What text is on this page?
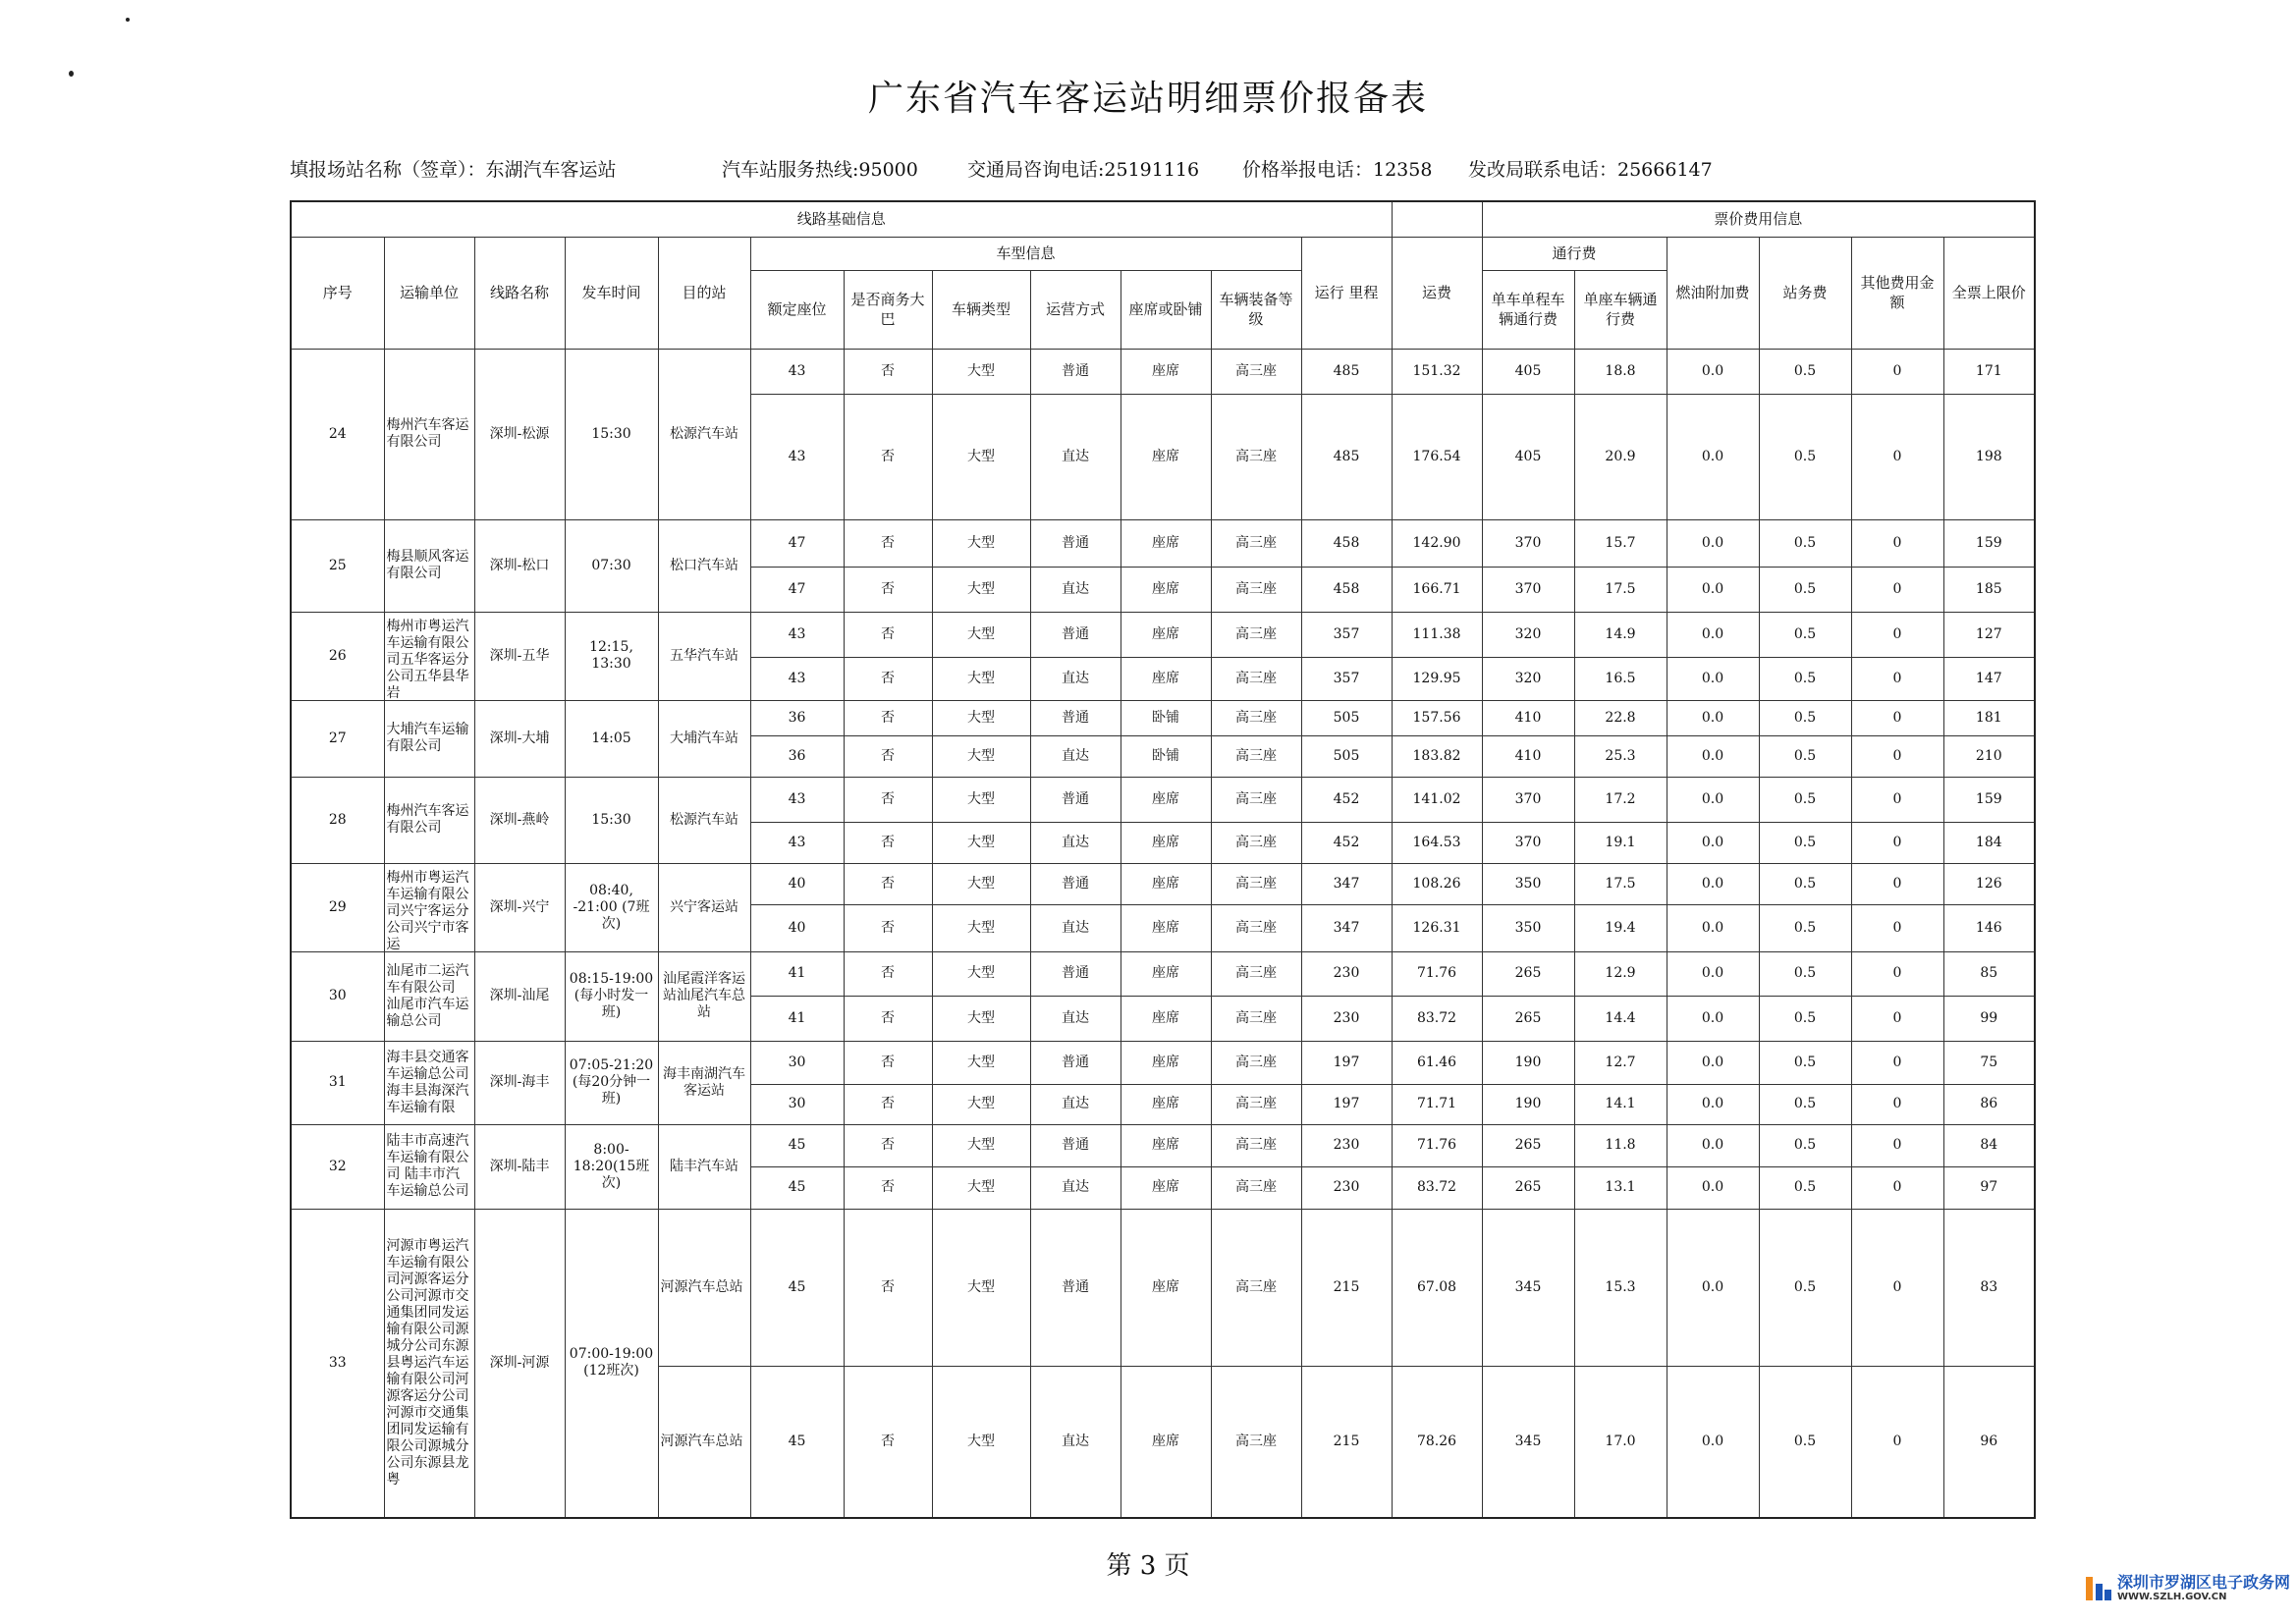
广东省汽车客运站明细票价报备表
填报场站名称（签章）：东湖汽车客运站	汽车站服务热线:95000	交通局咨询电话:25191116 价格举报电话：12358 发改局联系电话：25666147
线路基础信息													票价费用信息					
序号	运输单位	线路名称	发车时间	目的站	车型信息						运行 里程	运费	通行费		燃油附加费	站务费	其他费用金额	全票上限价
					额定座位	是否商务大巴	车辆类型	运营方式	座席或卧铺	车辆装备等级			单车单程车辆通行费	单座车辆通行费				
24	梅州汽车客运有限公司	深圳-松源	15:30	松源汽车站	43	否	大型	普通	座席	高三座	485	151.32	405	18.8	0.0	0.5	0	171
					43	否	大型	直达	座席	高三座	485	176.54	405	20.9	0.0	0.5	0	198
25	梅县顺风客运有限公司	深圳-松口	07:30	松口汽车站	47	否	大型	普通	座席	高三座	458	142.90	370	15.7	0.0	0.5	0	159
					47	否	大型	直达	座席	高三座	458	166.71	370	17.5	0.0	0.5	0	185
26	梅州市粤运汽车运输有限公司五华客运分公司五华县华岩	深圳-五华	12:15, 13:30	五华汽车站	43	否	大型	普通	座席	高三座	357	111.38	320	14.9	0.0	0.5	0	127
					43	否	大型	直达	座席	高三座	357	129.95	320	16.5	0.0	0.5	0	147
27	大埔汽车运输有限公司	深圳-大埔	14:05	大埔汽车站	36	否	大型	普通	卧铺	高三座	505	157.56	410	22.8	0.0	0.5	0	181
					36	否	大型	直达	卧铺	高三座	505	183.82	410	25.3	0.0	0.5	0	210
28	梅州汽车客运有限公司	深圳-燕岭	15:30	松源汽车站	43	否	大型	普通	座席	高三座	452	141.02	370	17.2	0.0	0.5	0	159
					43	否	大型	直达	座席	高三座	452	164.53	370	19.1	0.0	0.5	0	184
29	梅州市粤运汽车运输有限公司兴宁客运分公司兴宁市客运	深圳-兴宁	08:40, -21:00 (7班次)	兴宁客运站	40	否	大型	普通	座席	高三座	347	108.26	350	17.5	0.0	0.5	0	126
					40	否	大型	直达	座席	高三座	347	126.31	350	19.4	0.0	0.5	0	146
30	汕尾市二运汽车有限公司 汕尾市汽车运输总公司	深圳-汕尾	08:15-19:00 (每小时发一班)	汕尾霞洋客运站汕尾汽车总站	41	否	大型	普通	座席	高三座	230	71.76	265	12.9	0.0	0.5	0	85
					41	否	大型	直达	座席	高三座	230	83.72	265	14.4	0.0	0.5	0	99
31	海丰县交通客车运输总公司　海丰县海深汽车运输有限	深圳-海丰	07:05-21:20 (每20分钟一班)	海丰南湖汽车客运站	30	否	大型	普通	座席	高三座	197	61.46	190	12.7	0.0	0.5	0	75
					30	否	大型	直达	座席	高三座	197	71.71	190	14.1	0.0	0.5	0	86
32	陆丰市高速汽车运输有限公司 陆丰市汽车运输总公司	深圳-陆丰	8:00-18:20(15班次)	陆丰汽车站	45	否	大型	普通	座席	高三座	230	71.76	265	11.8	0.0	0.5	0	84
					45	否	大型	直达	座席	高三座	230	83.72	265	13.1	0.0	0.5	0	97
33	河源市粤运汽车运输有限公司河源客运分公司河源市交通集团同发运输有限公司源城分公司东源县粤运汽车运输有限公司河源客运分公司河源市交通集团同发运输有限公司源城分公司东源县龙粤	深圳-河源	07:00-19:00 (12班次)	河源汽车总站	45	否	大型	普通	座席	高三座	215	67.08	345	15.3	0.0	0.5	0	83
				河源汽车总站	45	否	大型	直达	座席	高三座	215	78.26	345	17.0	0.0	0.5	0	96
第 3 页
深圳市罗湖区电子政务网
WWW.SZLH.GOV.CN
